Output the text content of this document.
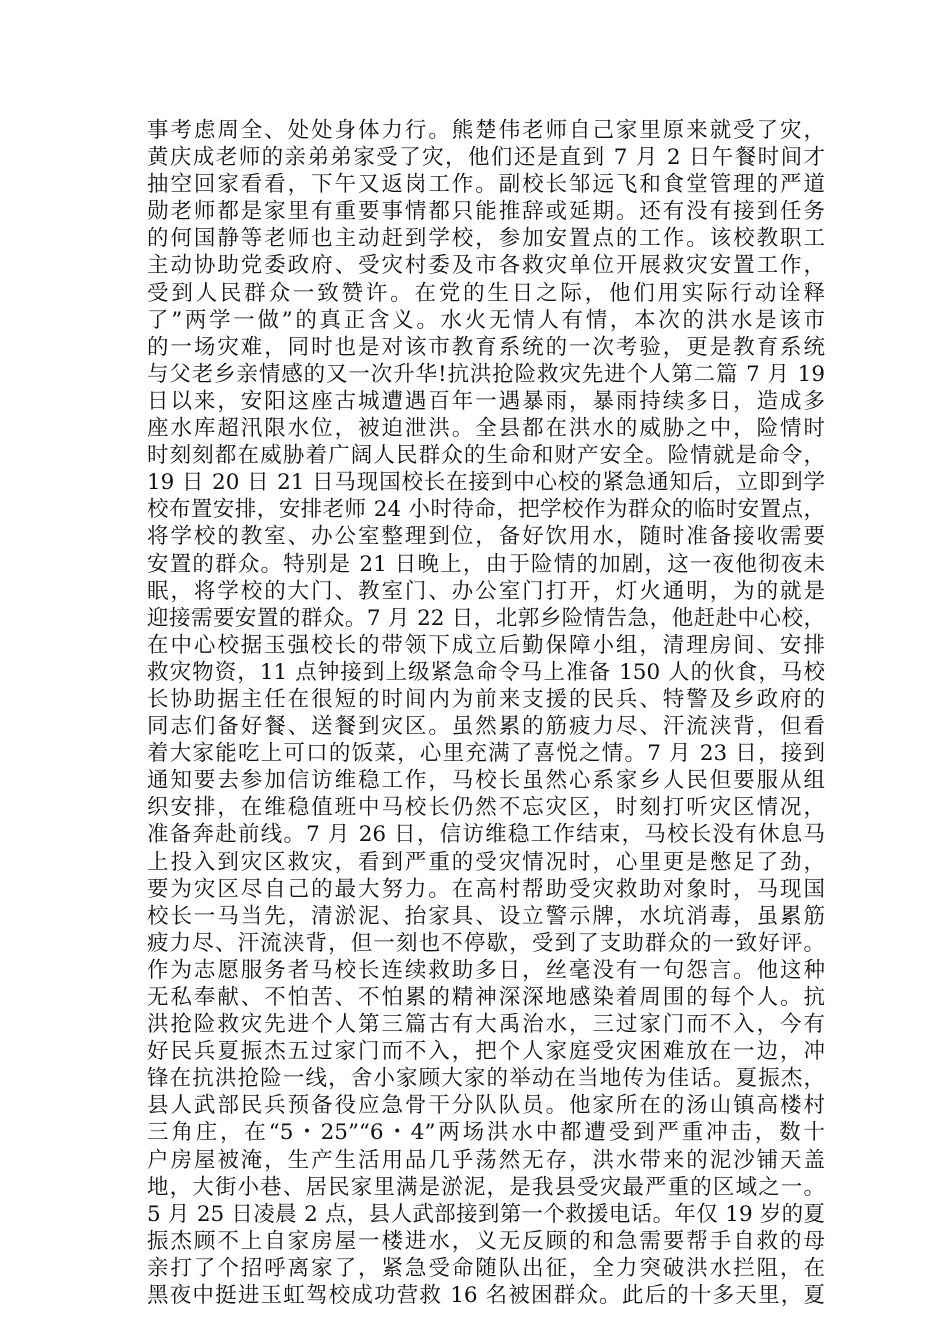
事考虑周全、处处身体力行。熊楚伟老师自己家里原来就受了灾，
黄庆成老师的亲弟弟家受了灾，他们还是直到 7 月 2 日午餐时间才
抽空回家看看，下午又返岗工作。副校长邹远飞和食堂管理的严道
勋老师都是家里有重要事情都只能推辞或延期。还有没有接到任务
的何国静等老师也主动赶到学校，参加安置点的工作。该校教职工
主动协助党委政府、受灾村委及市各救灾单位开展救灾安置工作，
受到人民群众一致赞许。在党的生日之际，他们用实际行动诠释
了”两学一做”的真正含义。水火无情人有情，本次的洪水是该市
的一场灾难，同时也是对该市教育系统的一次考验，更是教育系统
与父老乡亲情感的又一次升华!抗洪抢险救灾先进个人第二篇 7 月 19
日以来，安阳这座古城遭遇百年一遇暴雨，暴雨持续多日，造成多
座水库超汛限水位，被迫泄洪。全县都在洪水的威胁之中，险情时
时刻刻都在威胁着广阔人民群众的生命和财产安全。险情就是命令，
19 日 20 日 21 日马现国校长在接到中心校的紧急通知后，立即到学
校布置安排，安排老师 24 小时待命，把学校作为群众的临时安置点，
将学校的教室、办公室整理到位，备好饮用水，随时准备接收需要
安置的群众。特别是 21 日晚上，由于险情的加剧，这一夜他彻夜未
眠，将学校的大门、教室门、办公室门打开，灯火通明，为的就是
迎接需要安置的群众。7 月 22 日，北郭乡险情告急，他赶赴中心校，
在中心校据玉强校长的带领下成立后勤保障小组，清理房间、安排
救灾物资，11 点钟接到上级紧急命令马上准备 150 人的伙食，马校
长协助据主任在很短的时间内为前来支援的民兵、特警及乡政府的
同志们备好餐、送餐到灾区。虽然累的筋疲力尽、汗流浃背，但看
着大家能吃上可口的饭菜，心里充满了喜悦之情。7 月 23 日，接到
通知要去参加信访维稳工作，马校长虽然心系家乡人民但要服从组
织安排，在维稳值班中马校长仍然不忘灾区，时刻打听灾区情况，
准备奔赴前线。7 月 26 日，信访维稳工作结束，马校长没有休息马
上投入到灾区救灾，看到严重的受灾情况时，心里更是憋足了劲，
要为灾区尽自己的最大努力。在高村帮助受灾救助对象时，马现国
校长一马当先，清淤泥、抬家具、设立警示牌，水坑消毒，虽累筋
疲力尽、汗流浃背，但一刻也不停歇，受到了支助群众的一致好评。
作为志愿服务者马校长连续救助多日，丝毫没有一句怨言。他这种
无私奉献、不怕苦、不怕累的精神深深地感染着周围的每个人。抗
洪抢险救灾先进个人第三篇古有大禹治水，三过家门而不入，今有
好民兵夏振杰五过家门而不入，把个人家庭受灾困难放在一边，冲
锋在抗洪抢险一线，舍小家顾大家的举动在当地传为佳话。夏振杰，
县人武部民兵预备役应急骨干分队队员。他家所在的汤山镇高楼村
三角庄，在“5・25”“6・4”两场洪水中都遭受到严重冲击，数十
户房屋被淹，生产生活用品几乎荡然无存，洪水带来的泥沙铺天盖
地，大街小巷、居民家里满是淤泥，是我县受灾最严重的区域之一。
5 月 25 日凌晨 2 点，县人武部接到第一个救援电话。年仅 19 岁的夏
振杰顾不上自家房屋一楼进水，义无反顾的和急需要帮手自救的母
亲打了个招呼离家了，紧急受命随队出征，全力突破洪水拦阻，在
黑夜中挺进玉虹驾校成功营救 16 名被困群众。此后的十多天里，夏
